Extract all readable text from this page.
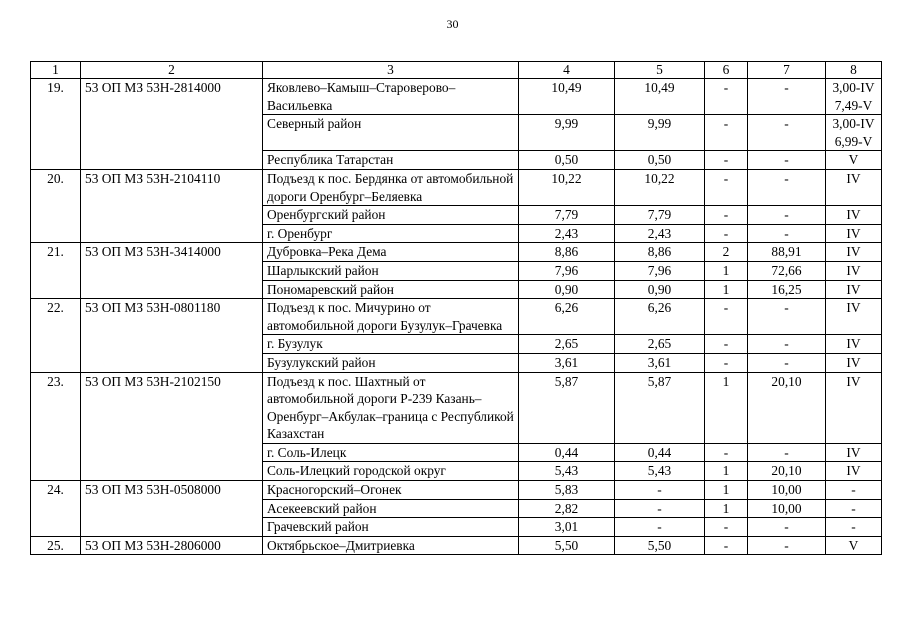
30
1	2	3	4	5	6	7	8
19.	53 ОП МЗ 53Н-2814000	Яковлево–Камыш–Староверово–Васильевка	10,49	10,49	-	-	3,00-IV 7,49-V
		Северный район	9,99	9,99	-	-	3,00-IV 6,99-V
		Республика Татарстан	0,50	0,50	-	-	V
20.	53 ОП МЗ 53Н-2104110	Подъезд к пос. Бердянка от автомобильной дороги Оренбург–Беляевка	10,22	10,22	-	-	IV
		Оренбургский район	7,79	7,79	-	-	IV
		г. Оренбург	2,43	2,43	-	-	IV
21.	53 ОП МЗ 53Н-3414000	Дубровка–Река Дема	8,86	8,86	2	88,91	IV
		Шарлыкский район	7,96	7,96	1	72,66	IV
		Пономаревский район	0,90	0,90	1	16,25	IV
22.	53 ОП МЗ 53Н-0801180	Подъезд к пос. Мичурино от автомобильной дороги Бузулук–Грачевка	6,26	6,26	-	-	IV
		г. Бузулук	2,65	2,65	-	-	IV
		Бузулукский район	3,61	3,61	-	-	IV
23.	53 ОП МЗ 53Н-2102150	Подъезд к пос. Шахтный от автомобильной дороги Р-239 Казань–Оренбург–Акбулак–граница с Республикой Казахстан	5,87	5,87	1	20,10	IV
		г. Соль-Илецк	0,44	0,44	-	-	IV
		Соль-Илецкий городской округ	5,43	5,43	1	20,10	IV
24.	53 ОП МЗ 53Н-0508000	Красногорский–Огонек	5,83	-	1	10,00	-
		Асекеевский район	2,82	-	1	10,00	-
		Грачевский район	3,01	-	-	-	-
25.	53 ОП МЗ 53Н-2806000	Октябрьское–Дмитриевка	5,50	5,50	-	-	V
